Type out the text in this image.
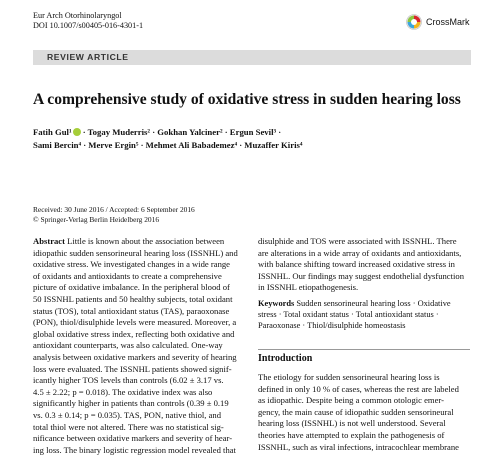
Eur Arch Otorhinolaryngol
DOI 10.1007/s00405-016-4301-1	CrossMark
REVIEW ARTICLE
A comprehensive study of oxidative stress in sudden hearing loss
Fatih Gul¹ · Togay Muderris² · Gokhan Yalciner² · Ergun Sevil³ ·
Sami Bercin⁴ · Merve Ergin⁵ · Mehmet Ali Babademez⁴ · Muzaffer Kiris⁴
Received: 30 June 2016 / Accepted: 6 September 2016
© Springer-Verlag Berlin Heidelberg 2016

Abstract Little is known about the association between
idiopathic sudden sensorineural hearing loss (ISSNHL) and
oxidative stress. We investigated changes in a wide range
of oxidants and antioxidants to create a comprehensive
picture of oxidative imbalance. In the peripheral blood of
50 ISSNHL patients and 50 healthy subjects, total oxidant
status (TOS), total antioxidant status (TAS), paraoxonase
(PON), thiol/disulphide levels were measured. Moreover, a
global oxidative stress index, reflecting both oxidative and
antioxidant counterparts, was also calculated. One-way
analysis between oxidative markers and severity of hearing
loss were evaluated. The ISSNHL patients showed signif-
icantly higher TOS levels than controls (6.02 ± 3.17 vs.
4.5 ± 2.22; p = 0.018). The oxidative index was also
significantly higher in patients than controls (0.39 ± 0.19
vs. 0.3 ± 0.14; p = 0.035). TAS, PON, native thiol, and
total thiol were not altered. There was no statistical sig-
nificance between oxidative markers and severity of hear-
ing loss. The binary logistic regression model revealed that

disulphide and TOS were associated with ISSNHL. There
are alterations in a wide array of oxidants and antioxidants,
with balance shifting toward increased oxidative stress in
ISSNHL. Our findings may suggest endothelial dysfunction
in ISSNHL etiopathogenesis.
Keywords Sudden sensorineural hearing loss · Oxidative
stress · Total oxidant status · Total antioxidant status ·
Paraoxonase · Thiol/disulphide homeostasis
Introduction
The etiology for sudden sensorineural hearing loss is
defined in only 10 % of cases, whereas the rest are labeled
as idiopathic. Despite being a common otologic emer-
gency, the main cause of idiopathic sudden sensorineural
hearing loss (ISSNHL) is not well understood. Several
theories have attempted to explain the pathogenesis of
ISSNHL, such as viral infections, intracochlear membrane
